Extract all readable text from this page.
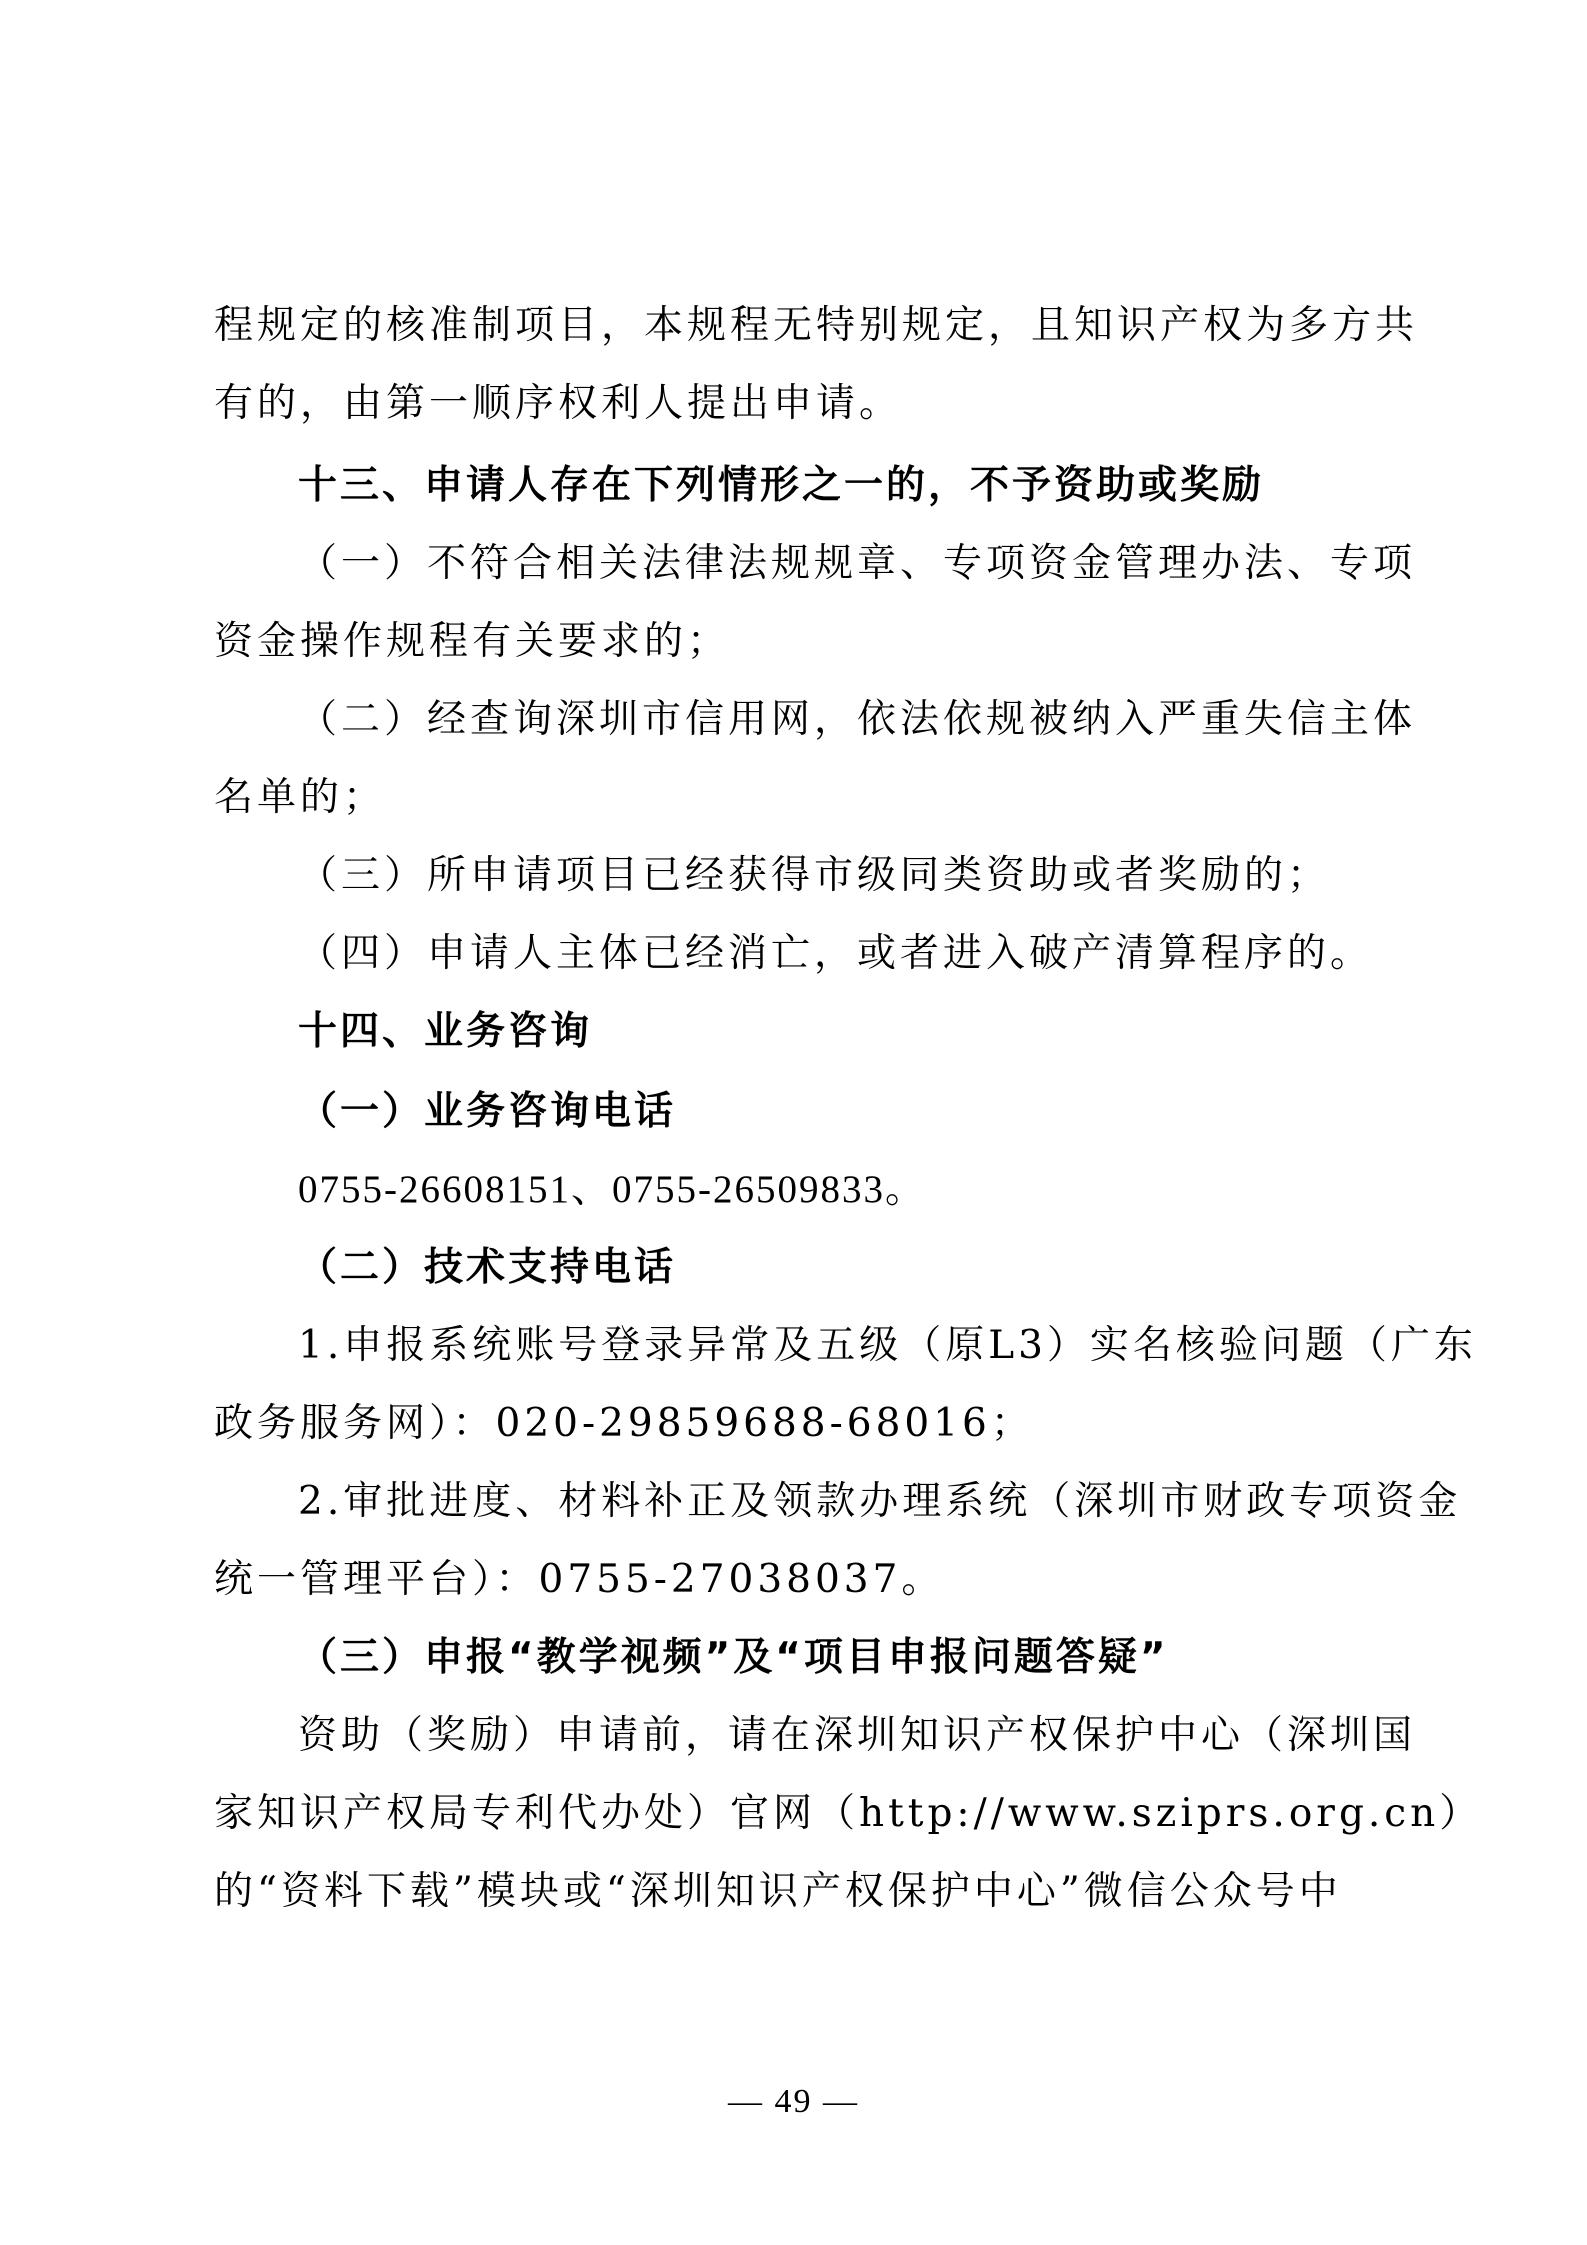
程规定的核准制项目，本规程无特别规定，且知识产权为多方共
有的，由第一顺序权利人提出申请。
十三、申请人存在下列情形之一的，不予资助或奖励
（一）不符合相关法律法规规章、专项资金管理办法、专项
资金操作规程有关要求的；
（二）经查询深圳市信用网，依法依规被纳入严重失信主体
名单的；
（三）所申请项目已经获得市级同类资助或者奖励的；
（四）申请人主体已经消亡，或者进入破产清算程序的。
十四、业务咨询
（一）业务咨询电话
0755-26608151、0755-26509833。
（二）技术支持电话
1.申报系统账号登录异常及五级（原L3）实名核验问题（广东
政务服务网）：020-29859688-68016；
2.审批进度、材料补正及领款办理系统（深圳市财政专项资金
统一管理平台）：0755-27038037。
（三）申报“教学视频”及“项目申报问题答疑”
资助（奖励）申请前，请在深圳知识产权保护中心（深圳国
家知识产权局专利代办处）官网（http://www.sziprs.org.cn）
的“资料下载”模块或“深圳知识产权保护中心”微信公众号中
— 49 —
